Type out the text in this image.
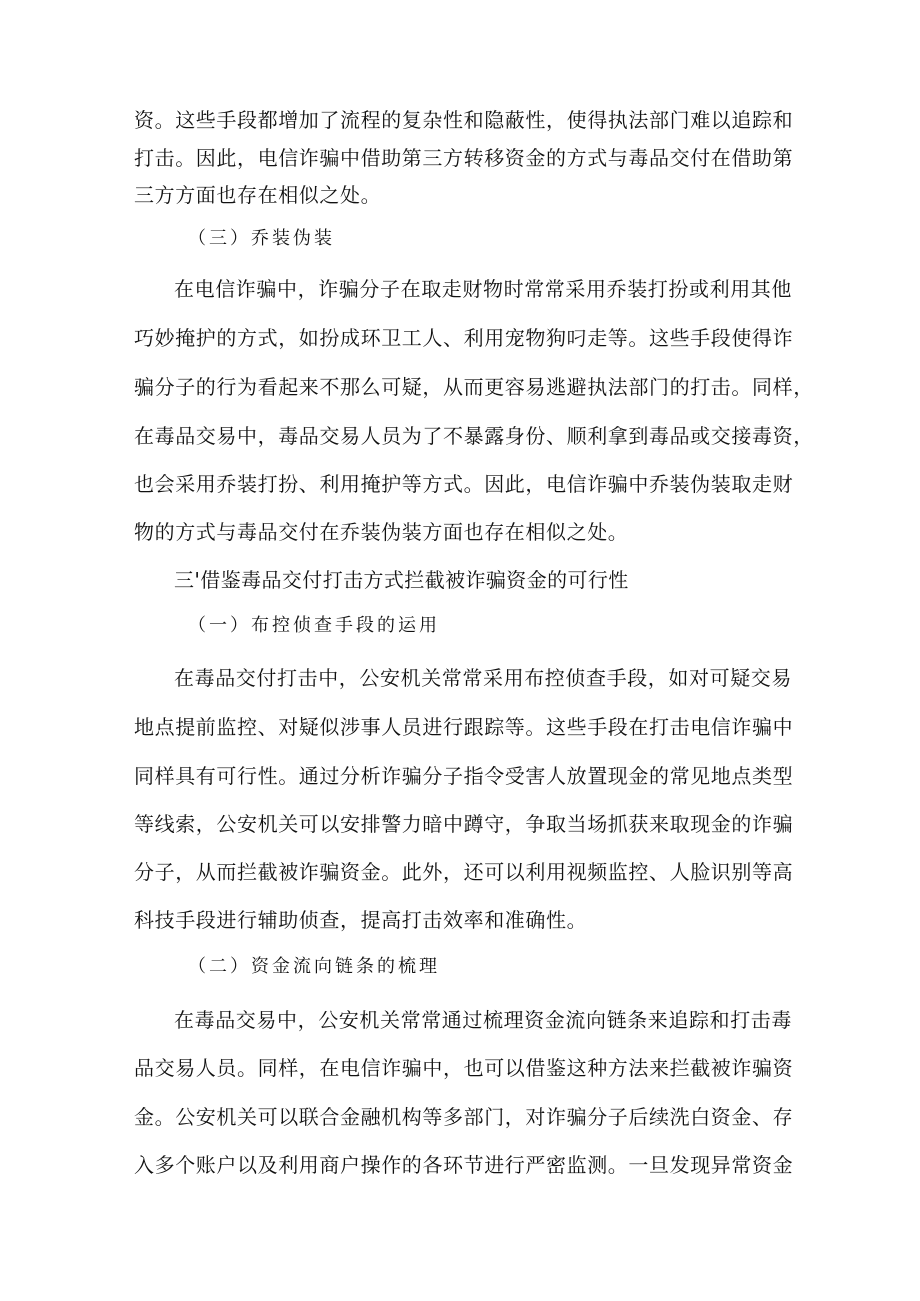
资。这些手段都增加了流程的复杂性和隐蔽性，使得执法部门难以追踪和
打击。因此，电信诈骗中借助第三方转移资金的方式与毒品交付在借助第
三方方面也存在相似之处。
（三）乔装伪装
在电信诈骗中，诈骗分子在取走财物时常常采用乔装打扮或利用其他
巧妙掩护的方式，如扮成环卫工人、利用宠物狗叼走等。这些手段使得诈
骗分子的行为看起来不那么可疑，从而更容易逃避执法部门的打击。同样，
在毒品交易中，毒品交易人员为了不暴露身份、顺利拿到毒品或交接毒资，
也会采用乔装打扮、利用掩护等方式。因此，电信诈骗中乔装伪装取走财
物的方式与毒品交付在乔装伪装方面也存在相似之处。
三'借鉴毒品交付打击方式拦截被诈骗资金的可行性
（一）布控侦查手段的运用
在毒品交付打击中，公安机关常常采用布控侦查手段，如对可疑交易
地点提前监控、对疑似涉事人员进行跟踪等。这些手段在打击电信诈骗中
同样具有可行性。通过分析诈骗分子指令受害人放置现金的常见地点类型
等线索，公安机关可以安排警力暗中蹲守，争取当场抓获来取现金的诈骗
分子，从而拦截被诈骗资金。此外，还可以利用视频监控、人脸识别等高
科技手段进行辅助侦查，提高打击效率和准确性。
（二）资金流向链条的梳理
在毒品交易中，公安机关常常通过梳理资金流向链条来追踪和打击毒
品交易人员。同样，在电信诈骗中，也可以借鉴这种方法来拦截被诈骗资
金。公安机关可以联合金融机构等多部门，对诈骗分子后续洗白资金、存
入多个账户以及利用商户操作的各环节进行严密监测。一旦发现异常资金
